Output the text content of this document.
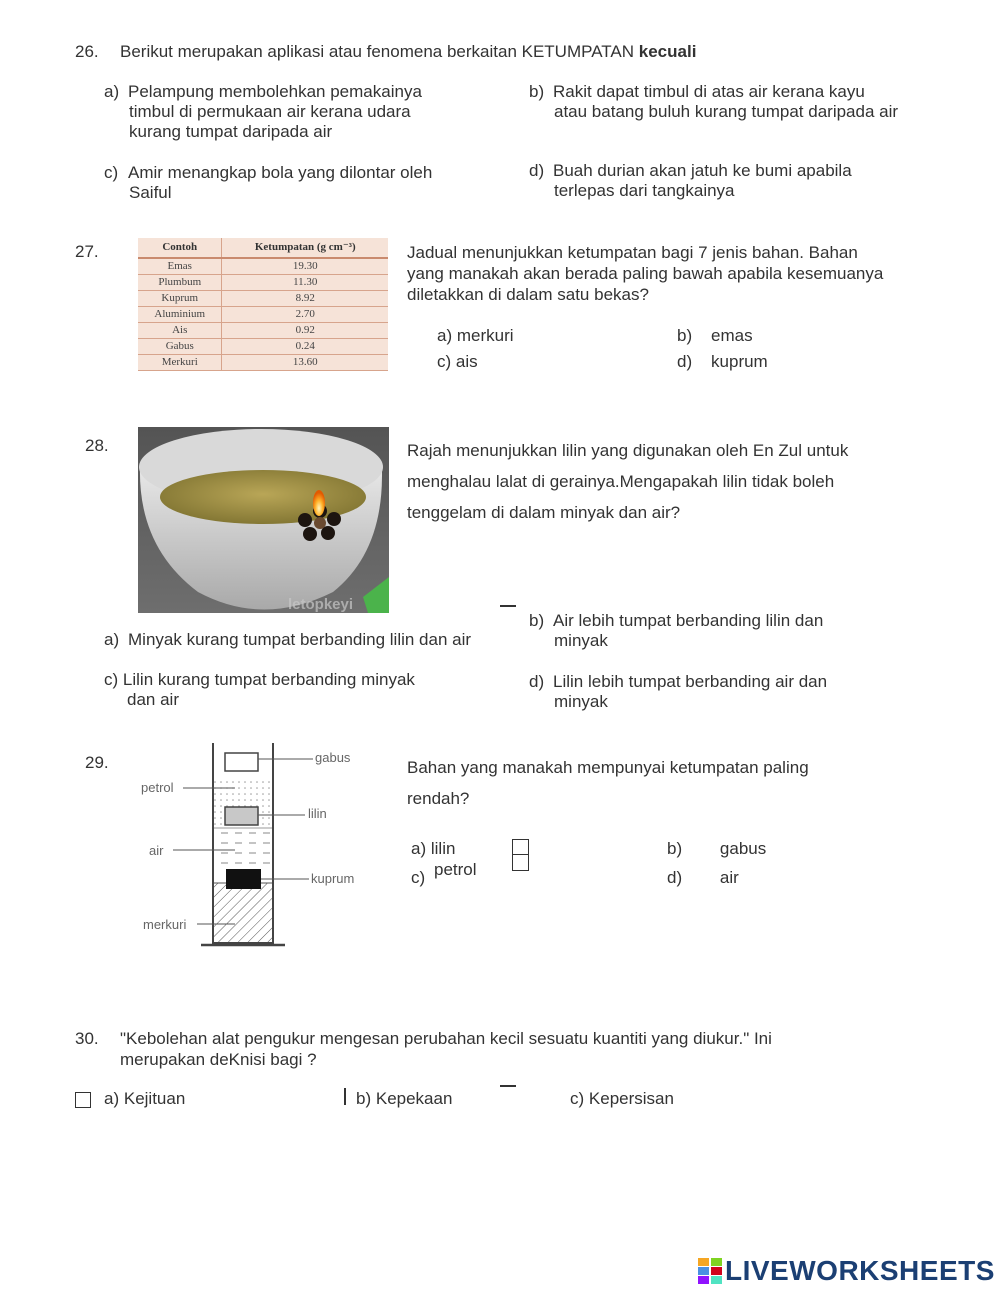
26. Berikut merupakan aplikasi atau fenomena berkaitan KETUMPATAN kecuali
a) Pelampung membolehkan pemakainya
timbul di permukaan air kerana udara
kurang tumpat daripada air
b) Rakit dapat timbul di atas air kerana kayu
atau batang buluh kurang tumpat daripada air
c) Amir menangkap bola yang dilontar oleh
Saiful
d) Buah durian akan jatuh ke bumi apabila
terlepas dari tangkainya
27.	Contoh	Ketumpatan (g cm⁻³)
Emas	19.30
Plumbum	11.30
Kuprum	8.92
Aluminium	2.70
Ais	0.92
Gabus	0.24
Merkuri	13.60
Jadual menunjukkan ketumpatan bagi 7 jenis bahan. Bahan
yang manakah akan berada paling bawah apabila kesemuanya
diletakkan di dalam satu bekas?
a) merkuri	b) emas
c) ais	d) kuprum
28.
letopkeyi
Rajah menunjukkan lilin yang digunakan oleh En Zul untuk
menghalau lalat di gerainya.Mengapakah lilin tidak boleh
tenggelam di dalam minyak dan air?
a) Minyak kurang tumpat berbanding lilin dan air
b) Air lebih tumpat berbanding lilin dan
minyak
c) Lilin kurang tumpat berbanding minyak
dan air
d) Lilin lebih tumpat berbanding air dan
minyak
29.	gabus
petrol
lilin
air
kuprum
merkuri
Bahan yang manakah mempunyai ketumpatan paling
rendah?
a) lilin
c) petrol
b) gabus
d) air
30. "Kebolehan alat pengukur mengesan perubahan kecil sesuatu kuantiti yang diukur." Ini
merupakan deKnisi bagi ?
a) Kejituan	b) Kepekaan	c) Kepersisan
LIVEWORKSHEETS
